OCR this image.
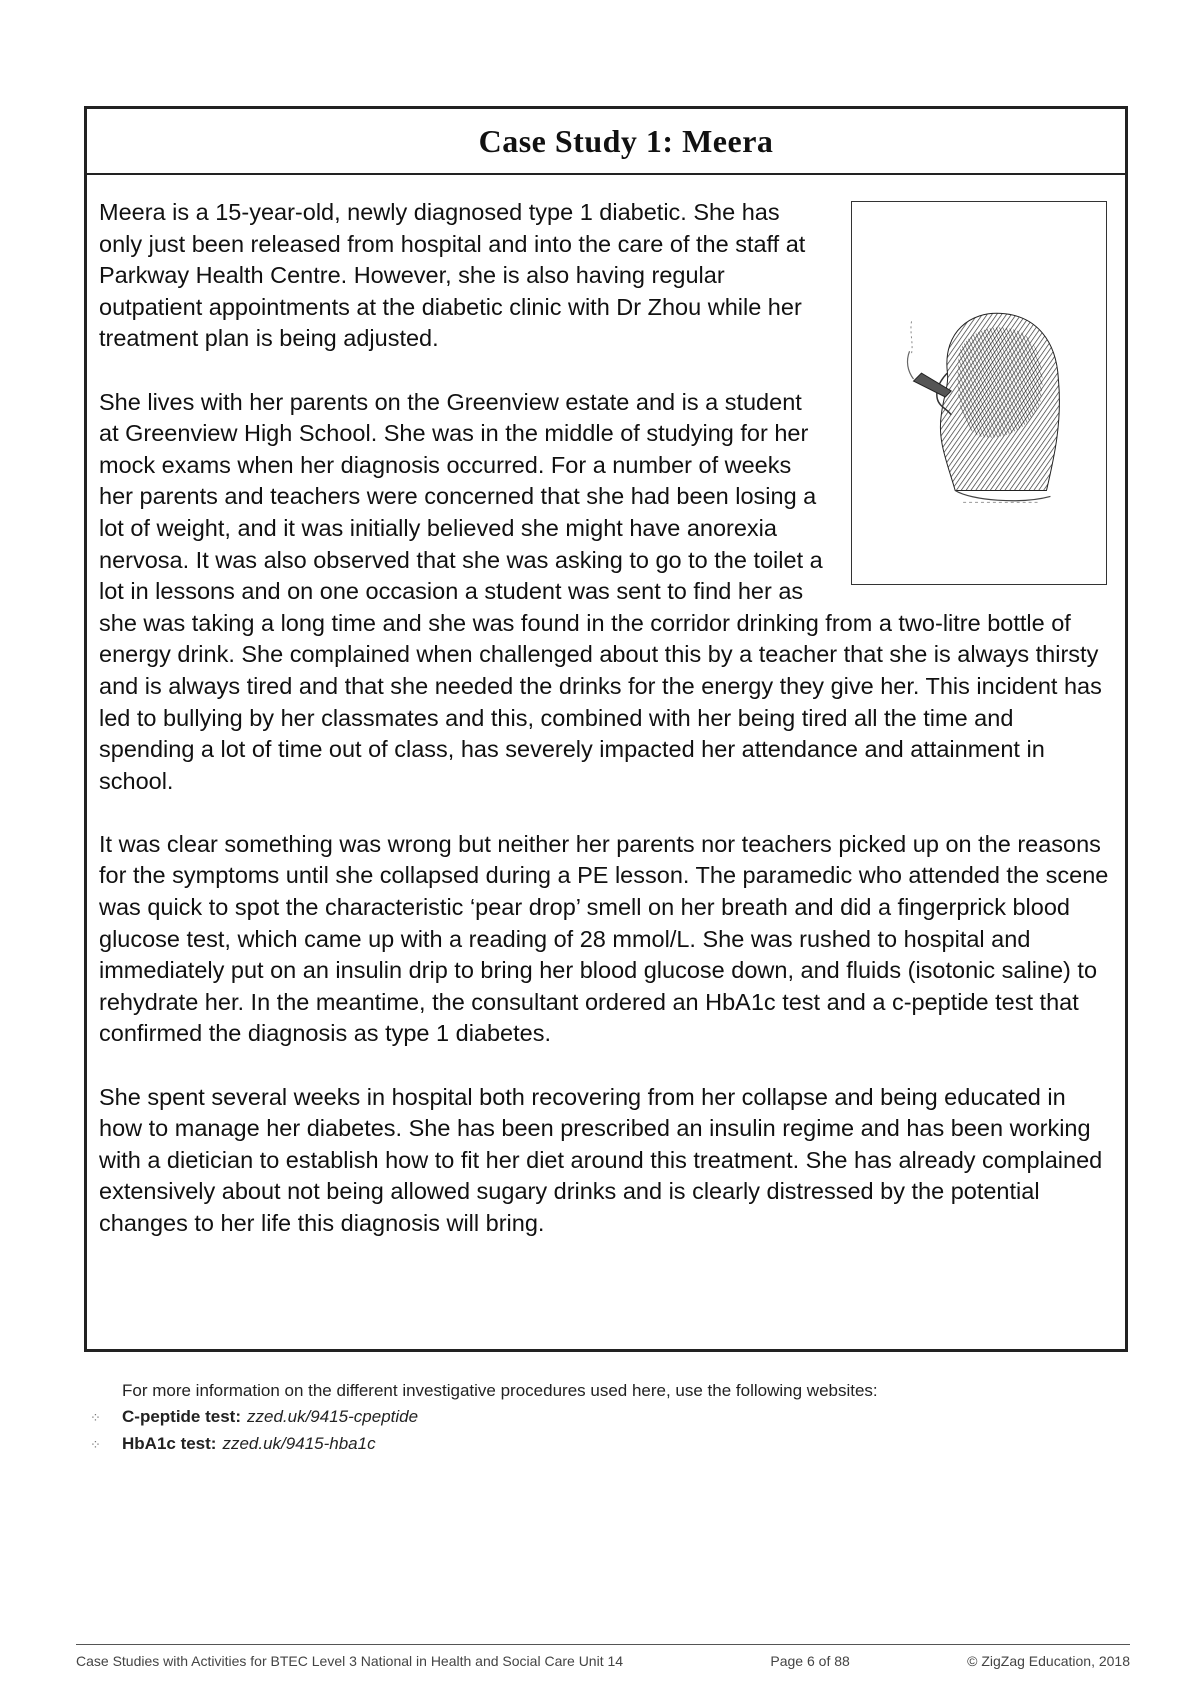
Case Study 1: Meera

Meera is a 15-year-old, newly diagnosed type 1 diabetic. She has only just been released from hospital and into the care of the staff at Parkway Health Centre. However, she is also having regular outpatient appointments at the diabetic clinic with Dr Zhou while her treatment plan is being adjusted.

She lives with her parents on the Greenview estate and is a student at Greenview High School. She was in the middle of studying for her mock exams when her diagnosis occurred. For a number of weeks her parents and teachers were concerned that she had been losing a lot of weight, and it was initially believed she might have anorexia nervosa. It was also observed that she was asking to go to the toilet a lot in lessons and on one occasion a student was sent to find her as she was taking a long time and she was found in the corridor drinking from a two-litre bottle of energy drink. She complained when challenged about this by a teacher that she is always thirsty and is always tired and that she needed the drinks for the energy they give her. This incident has led to bullying by her classmates and this, combined with her being tired all the time and spending a lot of time out of class, has severely impacted her attendance and attainment in school.

It was clear something was wrong but neither her parents nor teachers picked up on the reasons for the symptoms until she collapsed during a PE lesson. The paramedic who attended the scene was quick to spot the characteristic ‘pear drop’ smell on her breath and did a fingerprick blood glucose test, which came up with a reading of 28 mmol/L. She was rushed to hospital and immediately put on an insulin drip to bring her blood glucose down, and fluids (isotonic saline) to rehydrate her. In the meantime, the consultant ordered an HbA1c test and a c-peptide test that confirmed the diagnosis as type 1 diabetes.

She spent several weeks in hospital both recovering from her collapse and being educated in how to manage her diabetes. She has been prescribed an insulin regime and has been working with a dietician to establish how to fit her diet around this treatment. She has already complained extensively about not being allowed sugary drinks and is clearly distressed by the potential changes to her life this diagnosis will bring.

For more information on the different investigative procedures used here, use the following websites:
⁘	C-peptide test: zzed.uk/9415-cpeptide
⁘	HbA1c test: zzed.uk/9415-hba1c
Case Studies with Activities for BTEC Level 3 National in Health and Social Care Unit 14	Page 6 of 88	© ZigZag Education, 2018
